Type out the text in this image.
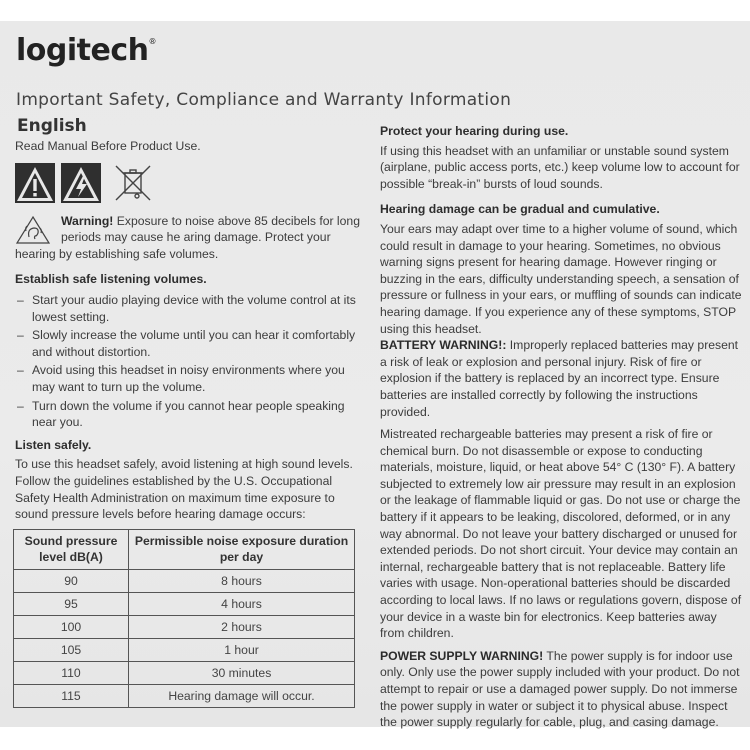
logitech®
Important Safety, Compliance and Warranty Information
English

Read Manual Before Product Use.

Warning! Exposure to noise above 85 decibels for long periods may cause he aring damage. Protect your hearing by establishing safe volumes.

Establish safe listening volumes.

– Start your audio playing device with the volume control at its lowest setting.
– Slowly increase the volume until you can hear it comfortably and without distortion.
– Avoid using this headset in noisy environments where you may want to turn up the volume.
– Turn down the volume if you cannot hear people speaking near you.

Listen safely.

To use this headset safely, avoid listening at high sound levels. Follow the guidelines established by the U.S. Occupational Safety Health Administration on maximum time exposure to sound pressure levels before hearing damage occurs:

Sound pressure level dB(A)	Permissible noise exposure duration per day
90	8 hours
95	4 hours
100	2 hours
105	1 hour
110	30 minutes
115	Hearing damage will occur.

Protect your hearing during use.

If using this headset with an unfamiliar or unstable sound system (airplane, public access ports, etc.) keep volume low to account for possible “break-in” bursts of loud sounds.

Hearing damage can be gradual and cumulative.

Your ears may adapt over time to a higher volume of sound, which could result in damage to your hearing. Sometimes, no obvious warning signs present for hearing damage. However ringing or buzzing in the ears, difficulty understanding speech, a sensation of pressure or fullness in your ears, or muffling of sounds can indicate hearing damage. If you experience any of these symptoms, STOP using this headset.

BATTERY WARNING!: Improperly replaced batteries may present a risk of leak or explosion and personal injury. Risk of fire or explosion if the battery is replaced by an incorrect type. Ensure batteries are installed correctly by following the instructions provided.

Mistreated rechargeable batteries may present a risk of fire or chemical burn. Do not disassemble or expose to conducting materials, moisture, liquid, or heat above 54° C (130° F). A battery subjected to extremely low air pressure may result in an explosion or the leakage of flammable liquid or gas. Do not use or charge the battery if it appears to be leaking, discolored, deformed, or in any way abnormal. Do not leave your battery discharged or unused for extended periods. Do not short circuit. Your device may contain an internal, rechargeable battery that is not replaceable. Battery life varies with usage. Non-operational batteries should be discarded according to local laws. If no laws or regulations govern, dispose of your device in a waste bin for electronics. Keep batteries away from children.

POWER SUPPLY WARNING! The power supply is for indoor use only. Only use the power supply included with your product. Do not attempt to repair or use a damaged power supply. Do not immerse the power supply in water or subject it to physical abuse. Inspect the power supply regularly for cable, plug, and casing damage.
